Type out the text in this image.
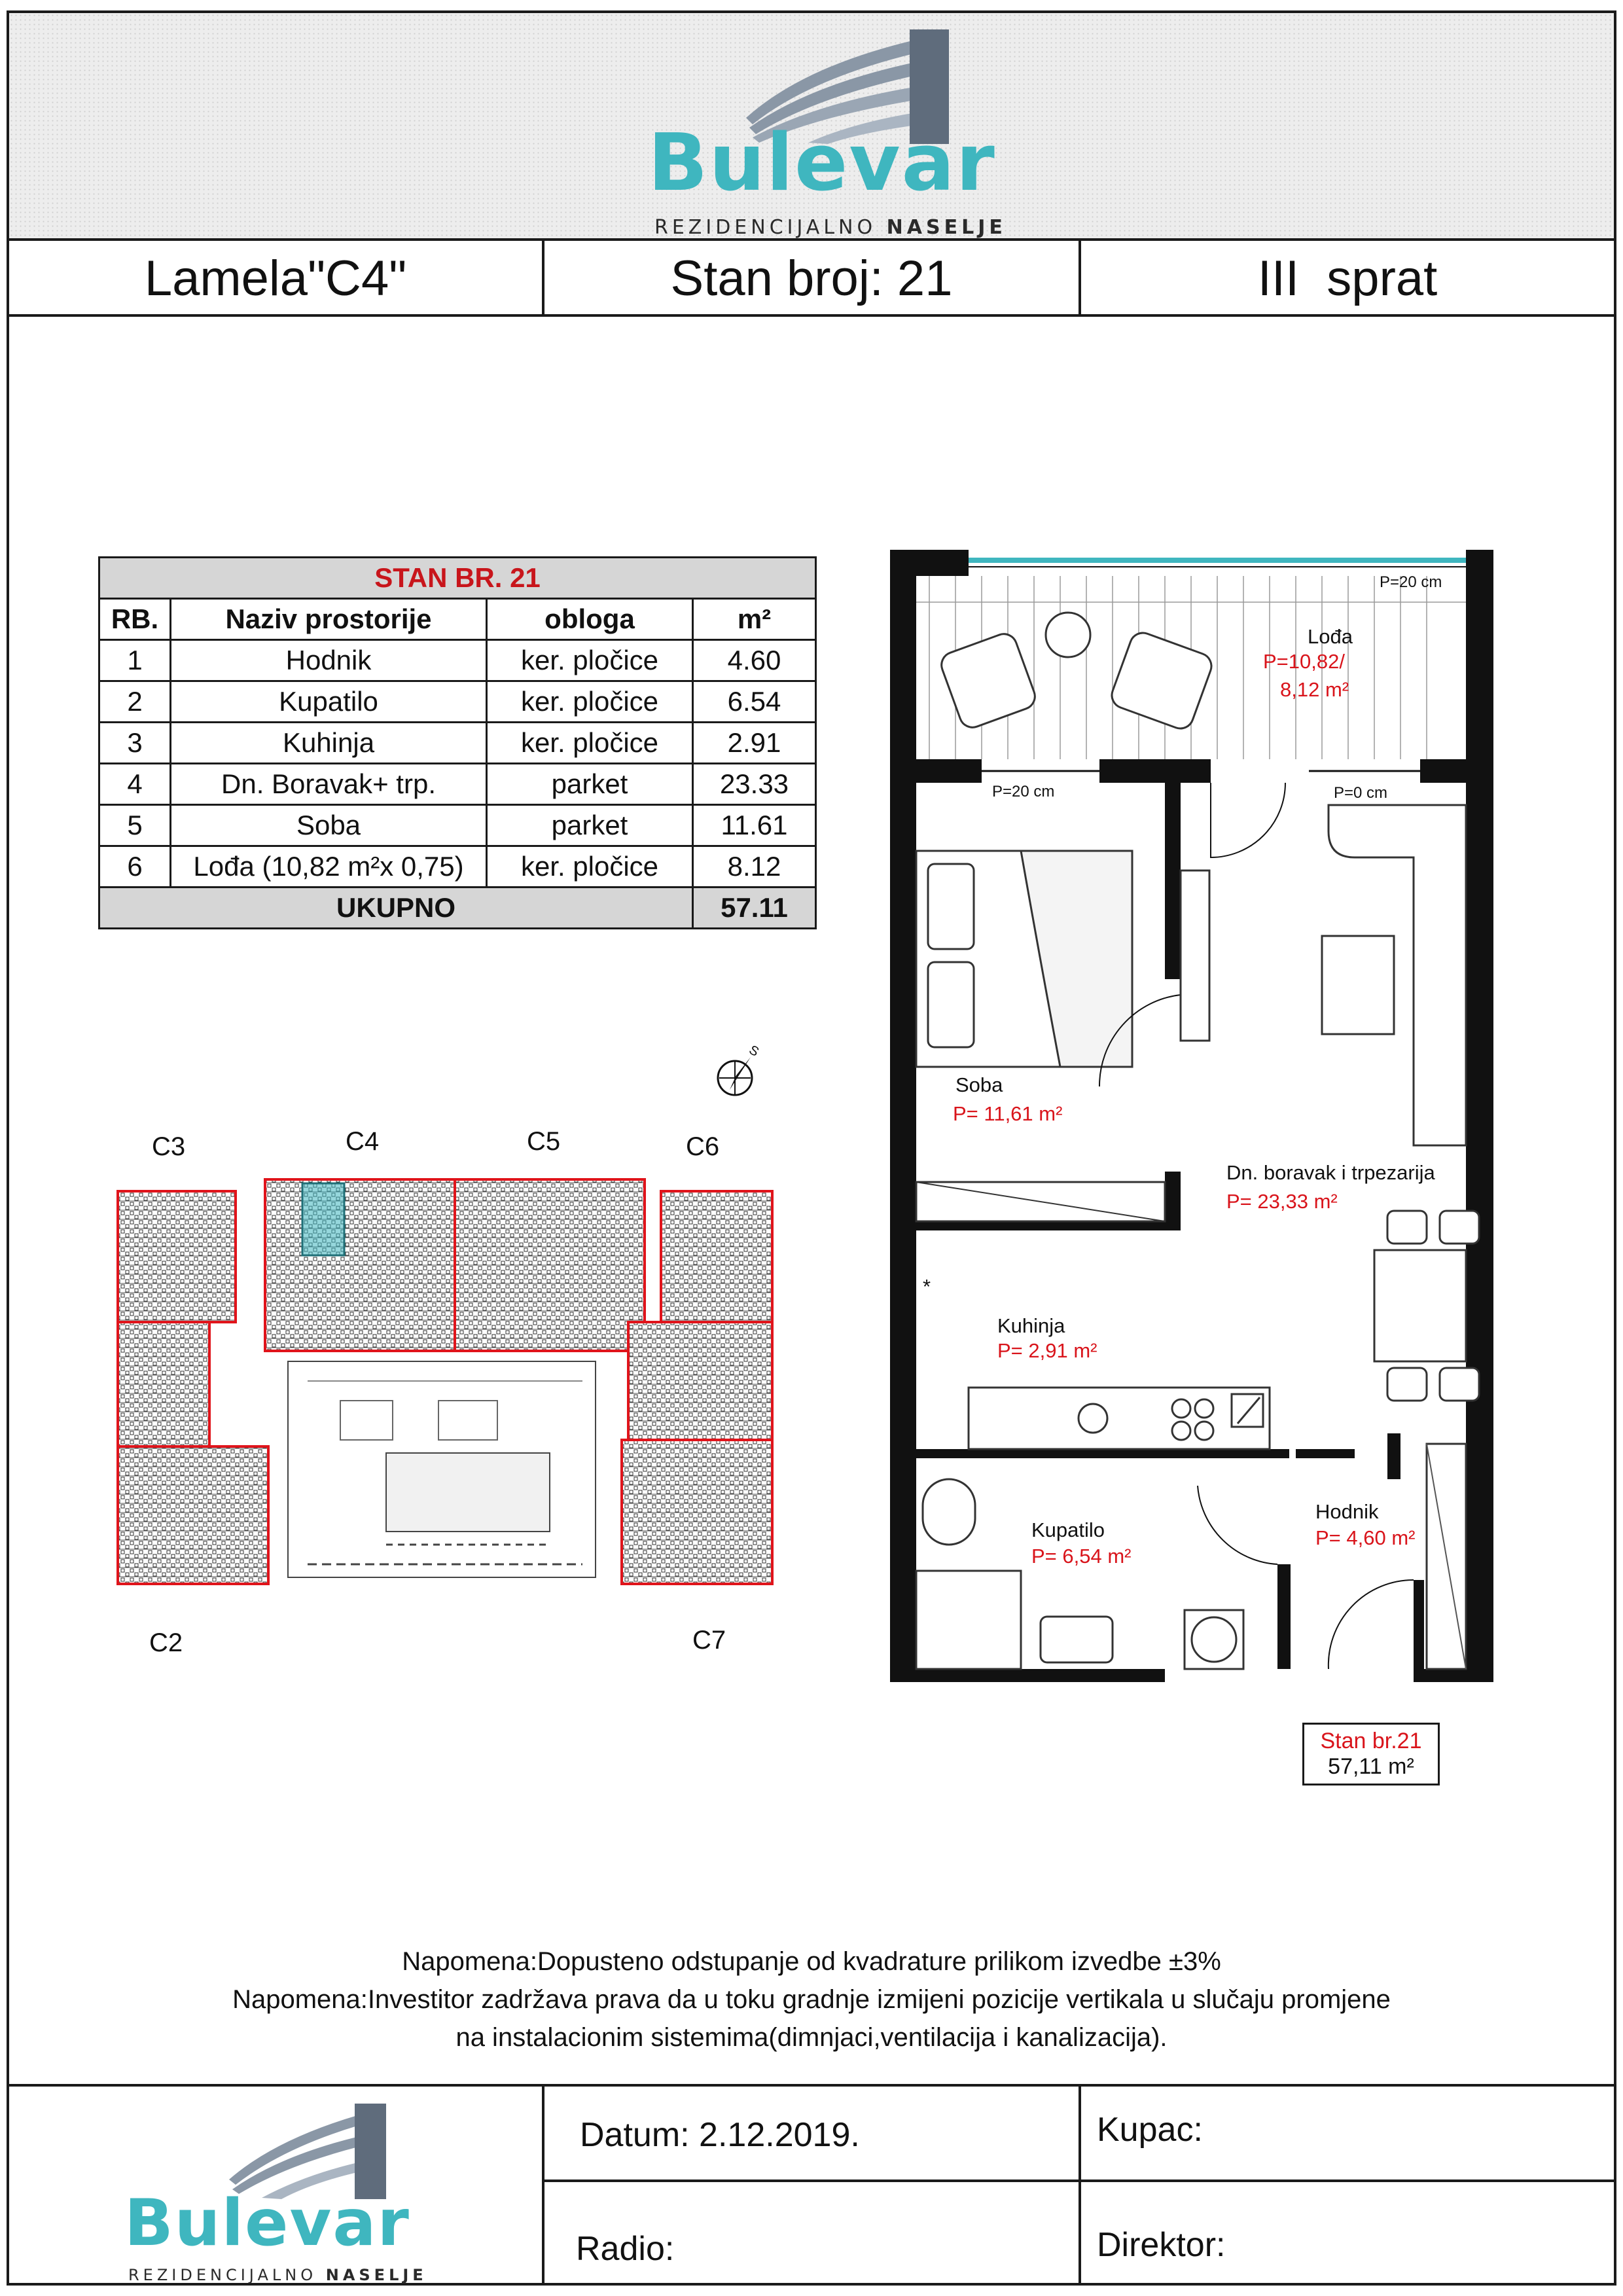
Bulevar
REZIDENCIJALNO NASELJE
Lamela"C4"	Stan broj: 21	III  sprat
STAN BR. 21			
RB.	Naziv prostorije	obloga	m²
1	Hodnik	ker. pločice	4.60
2	Kupatilo	ker. pločice	6.54
3	Kuhinja	ker. pločice	2.91
4	Dn. Boravak+ trp.	parket	23.33
5	Soba	parket	11.61
6	Lođa (10,82 m²x 0,75)	ker. pločice	8.12
UKUPNO			57.11
C3	C4	C5	C6
C2	C7
S
P=20 cm
Lođa
P=10,82/
8,12 m²
P=20 cm	P=0 cm
Soba
P= 11,61 m²
Dn. boravak i trpezarija
P= 23,33 m²
*
Kuhinja
P= 2,91 m²
Kupatilo
P= 6,54 m²
Hodnik
P= 4,60 m²
Stan br.21
57,11 m²
Napomena:Dopusteno odstupanje od kvadrature prilikom izvedbe ±3%
Napomena:Investitor zadržava prava da u toku gradnje izmijeni pozicije vertikala u slučaju promjene
na instalacionim sistemima(dimnjaci,ventilacija i kanalizacija).
Bulevar
REZIDENCIJALNO NASELJE
Datum: 2.12.2019.	Kupac:
Radio:	Direktor:
